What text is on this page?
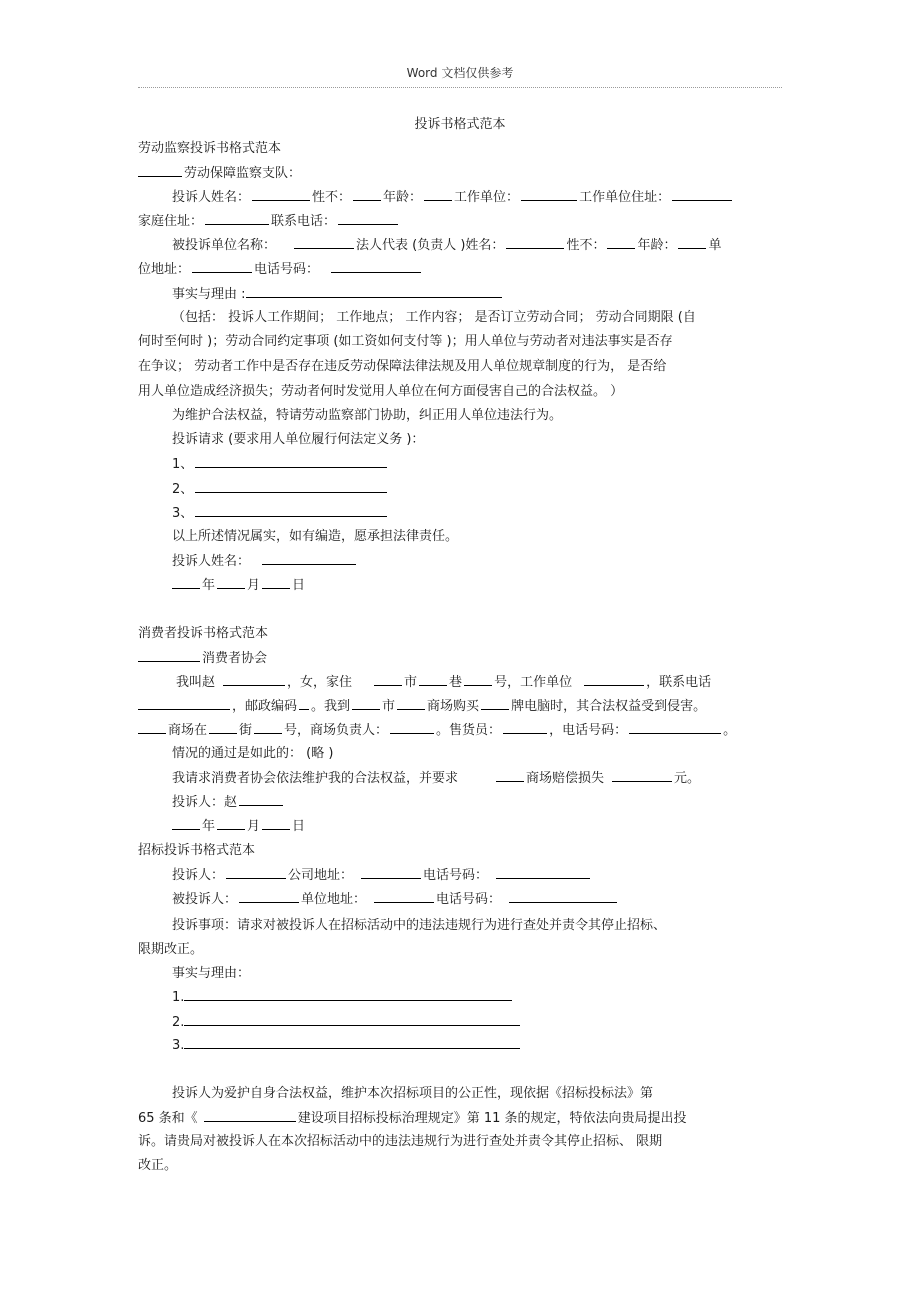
Word 文档仅供参考
投诉书格式范本
劳动监察投诉书格式范本
劳动保障监察支队：
投诉人姓名：	性不： 年龄： 工作单位：	工作单位住址：
家庭住址：	联系电话：
被投诉单位名称：	法人代表 (负责人 )姓名：	性不： 年龄： 单
位地址：	电话号码：
事实与理由 :
（包括： 投诉人工作期间； 工作地点； 工作内容； 是否订立劳动合同； 劳动合同期限 (自
何时至何时 )；劳动合同约定事项 (如工资如何支付等 )；用人单位与劳动者对违法事实是否存
在争议； 劳动者工作中是否存在违反劳动保障法律法规及用人单位规章制度的行为， 是否给
用人单位造成经济损失；劳动者何时发觉用人单位在何方面侵害自己的合法权益。 ）
为维护合法权益，特请劳动监察部门协助，纠正用人单位违法行为。
投诉请求 (要求用人单位履行何法定义务 )：
1、
2、
3、
以上所述情况属实，如有编造，愿承担法律责任。
投诉人姓名：
年 月 日
消费者投诉书格式范本
消费者协会
我叫赵	，女，家住	市 巷 号，工作单位	，联系电话
，邮政编码 。我到 市 商场购买 牌电脑时，其合法权益受到侵害。
商场在 街 号，商场负责人：	。售货员：	，电话号码：	。
情况的通过是如此的： (略 )
我请求消费者协会依法维护我的合法权益，并要求	商场赔偿损失	元。
投诉人：赵
年 月 日
招标投诉书格式范本
投诉人：	公司地址：	电话号码：
被投诉人：	单位地址：	电话号码：
投诉事项：请求对被投诉人在招标活动中的违法违规行为进行查处并责令其停止招标、
限期改正。
事实与理由：
1.
2.
3.
投诉人为爱护自身合法权益，维护本次招标项目的公正性，现依据《招标投标法》第
65 条和《	建设项目招标投标治理规定》第 11 条的规定，特依法向贵局提出投
诉。请贵局对被投诉人在本次招标活动中的违法违规行为进行查处并责令其停止招标、 限期
改正。
